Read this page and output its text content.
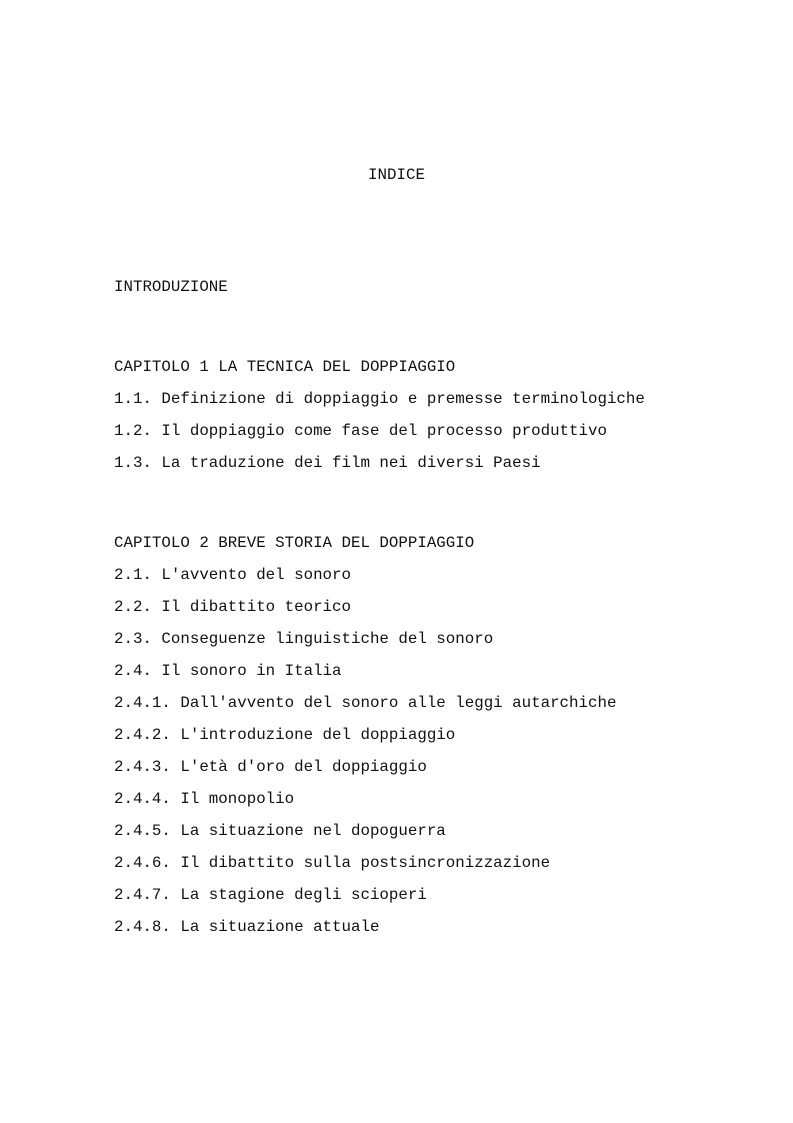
INDICE
INTRODUZIONE
CAPITOLO 1 LA TECNICA DEL DOPPIAGGIO
1.1. Definizione di doppiaggio e premesse terminologiche
1.2. Il doppiaggio come fase del processo produttivo
1.3. La traduzione dei film nei diversi Paesi
CAPITOLO 2 BREVE STORIA DEL DOPPIAGGIO
2.1. L'avvento del sonoro
2.2. Il dibattito teorico
2.3. Conseguenze linguistiche del sonoro
2.4. Il sonoro in Italia
2.4.1. Dall'avvento del sonoro alle leggi autarchiche
2.4.2. L'introduzione del doppiaggio
2.4.3. L'età d'oro del doppiaggio
2.4.4. Il monopolio
2.4.5. La situazione nel dopoguerra
2.4.6. Il dibattito sulla postsincronizzazione
2.4.7. La stagione degli scioperi
2.4.8. La situazione attuale
